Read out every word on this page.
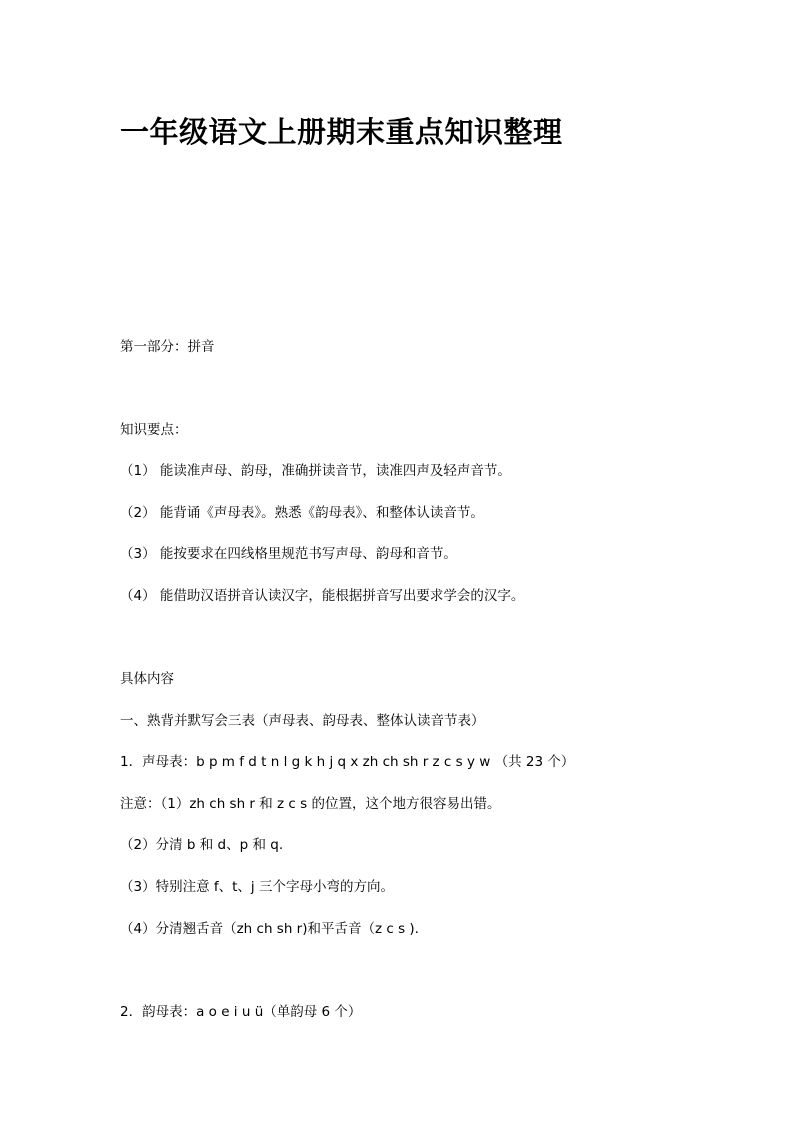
一年级语文上册期末重点知识整理
第一部分：拼音
知识要点：
（1） 能读准声母、韵母，准确拼读音节，读准四声及轻声音节。
（2） 能背诵《声母表》。熟悉《韵母表》、和整体认读音节。
（3） 能按要求在四线格里规范书写声母、韵母和音节。
（4） 能借助汉语拼音认读汉字，能根据拼音写出要求学会的汉字。
具体内容
一、熟背并默写会三表（声母表、韵母表、整体认读音节表）
1．声母表：b p m f d t n l g k h j q x zh ch sh r z c s y w （共 23 个）
注意：（1）zh ch sh r 和 z c s 的位置，这个地方很容易出错。
（2）分清 b 和 d、p 和 q.
（3）特别注意 f、t、j 三个字母小弯的方向。
（4）分清翘舌音（zh ch sh r)和平舌音（z c s ).
2．韵母表：a o e i u ü（单韵母 6 个）
